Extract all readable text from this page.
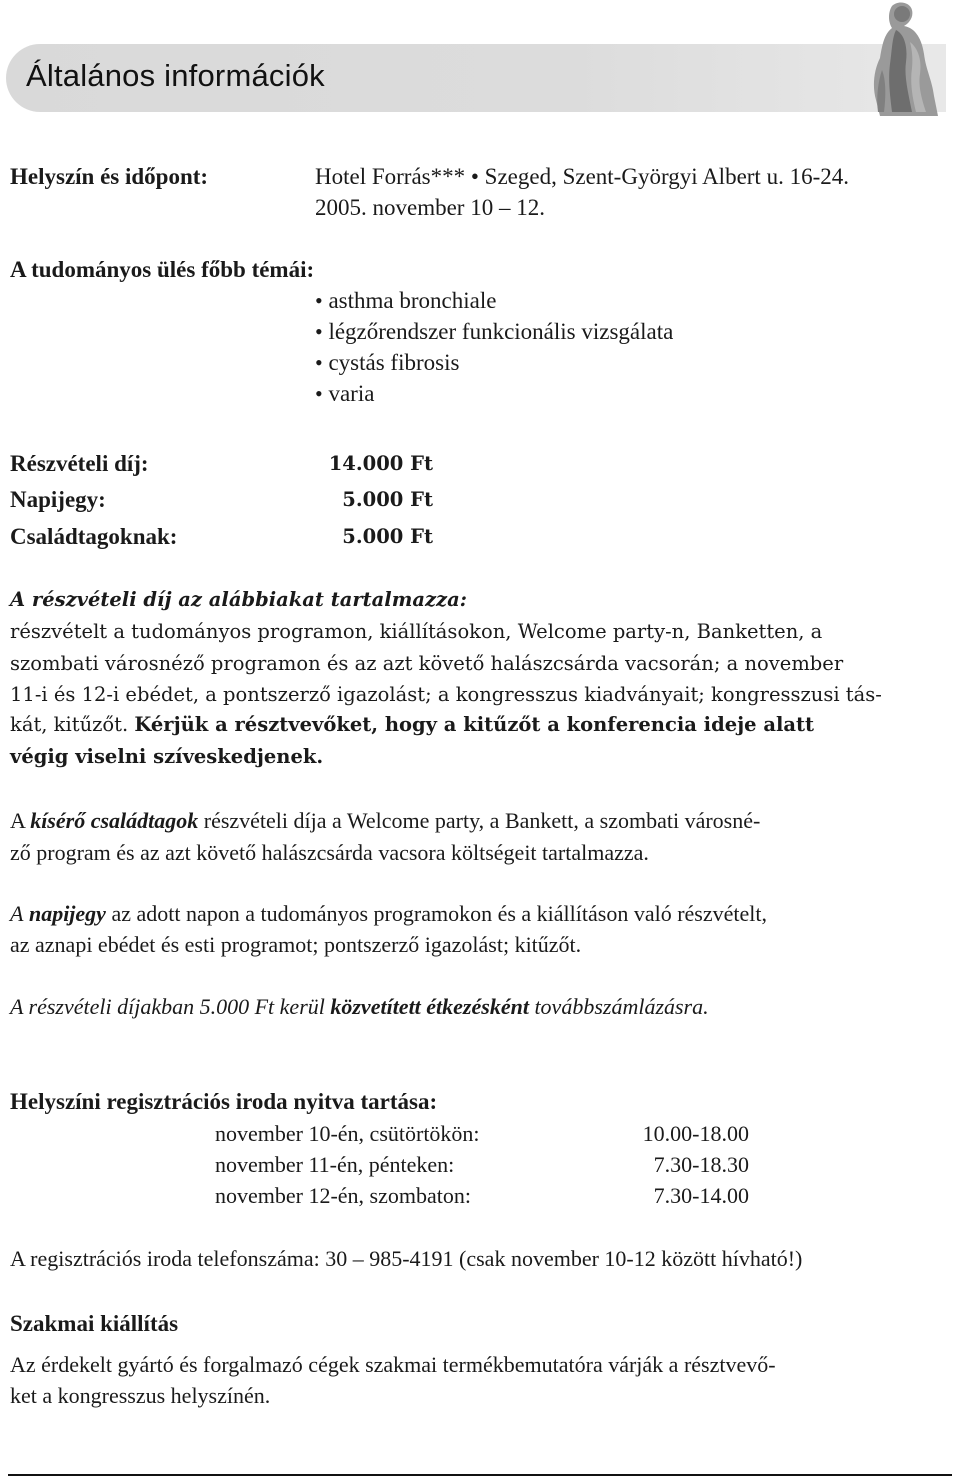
Általános információk
Helyszín és időpont:	Hotel Forrás*** • Szeged, Szent-Györgyi Albert u. 16-24.
2005. november 10 – 12.
A tudományos ülés főbb témái:
• asthma bronchiale
• légzőrendszer funkcionális vizsgálata
• cystás fibrosis
• varia
Részvételi díj:	14.000 Ft
Napijegy:	5.000 Ft
Családtagoknak:	5.000 Ft
A részvételi díj az alábbiakat tartalmazza:
részvételt a tudományos programon, kiállításokon, Welcome party-n, Banketten, a
szombati városnéző programon és az azt követő halászcsárda vacsorán; a november
11-i és 12-i ebédet, a pontszerző igazolást; a kongresszus kiadványait; kongresszusi tás-
kát, kitűzőt. Kérjük a résztvevőket, hogy a kitűzőt a konferencia ideje alatt
végig viselni szíveskedjenek.
A kísérő családtagok részvételi díja a Welcome party, a Bankett, a szombati városné-
ző program és az azt követő halászcsárda vacsora költségeit tartalmazza.
A napijegy az adott napon a tudományos programokon és a kiállításon való részvételt,
az aznapi ebédet és esti programot; pontszerző igazolást; kitűzőt.
A részvételi díjakban 5.000 Ft kerül közvetített étkezésként továbbszámlázásra.
Helyszíni regisztrációs iroda nyitva tartása:
november 10-én, csütörtökön:	10.00-18.00
november 11-én, pénteken:	7.30-18.30
november 12-én, szombaton:	7.30-14.00
A regisztrációs iroda telefonszáma: 30 – 985-4191 (csak november 10-12 között hívható!)
Szakmai kiállítás
Az érdekelt gyártó és forgalmazó cégek szakmai termékbemutatóra várják a résztvevő-
ket a kongresszus helyszínén.
